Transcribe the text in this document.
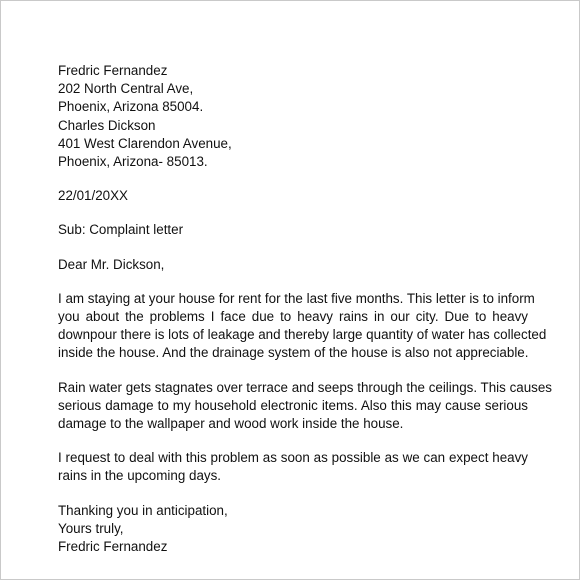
Fredric Fernandez
202 North Central Ave,
Phoenix, Arizona 85004.
Charles Dickson
401 West Clarendon Avenue,
Phoenix, Arizona- 85013.
22/01/20XX
Sub: Complaint letter
Dear Mr. Dickson,
I am staying at your house for rent for the last five months. This letter is to inform
you about the problems I face due to heavy rains in our city. Due to heavy
downpour there is lots of leakage and thereby large quantity of water has collected
inside the house. And the drainage system of the house is also not appreciable.
Rain water gets stagnates over terrace and seeps through the ceilings. This causes
serious damage to my household electronic items. Also this may cause serious
damage to the wallpaper and wood work inside the house.
I request to deal with this problem as soon as possible as we can expect heavy
rains in the upcoming days.
Thanking you in anticipation,
Yours truly,
Fredric Fernandez
